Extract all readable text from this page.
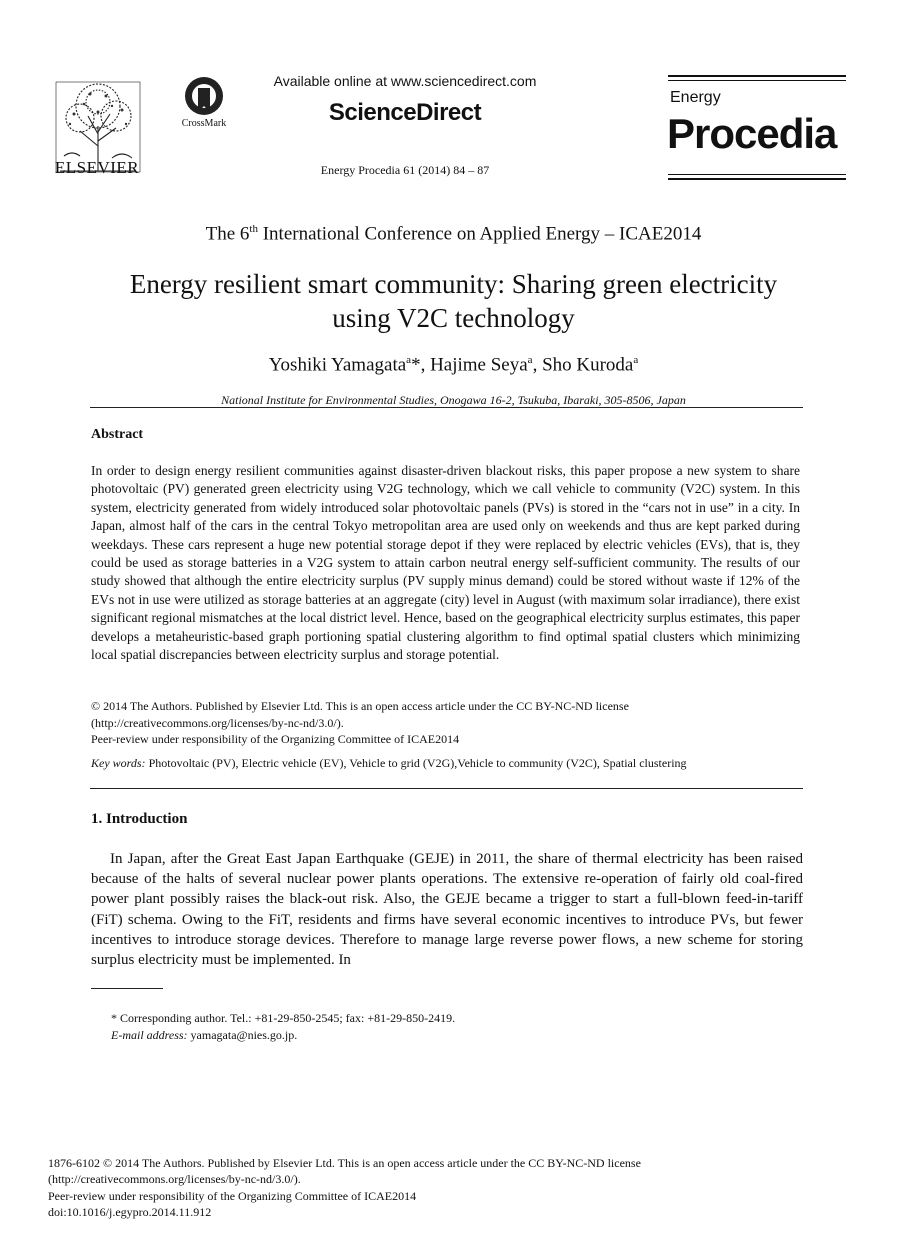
ELSEVIER
CrossMark
Available online at www.sciencedirect.com
ScienceDirect
Energy Procedia 61 (2014) 84 – 87
Energy
Procedia
The 6th International Conference on Applied Energy – ICAE2014
Energy resilient smart community: Sharing green electricity
using V2C technology
Yoshiki Yamagata$^a$*, Hajime Seya$^a$, Sho Kuroda$^a$
National Institute for Environmental Studies, Onogawa 16-2, Tsukuba, Ibaraki, 305-8506, Japan
Abstract
In order to design energy resilient communities against disaster-driven blackout risks, this paper propose a new system to share photovoltaic (PV) generated green electricity using V2G technology, which we call vehicle to community (V2C) system. In this system, electricity generated from widely introduced solar photovoltaic panels (PVs) is stored in the “cars not in use” in a city. In Japan, almost half of the cars in the central Tokyo metropolitan area are used only on weekends and thus are kept parked during weekdays. These cars represent a huge new potential storage depot if they were replaced by electric vehicles (EVs), that is, they could be used as storage batteries in a V2G system to attain carbon neutral energy self-sufficient community. The results of our study showed that although the entire electricity surplus (PV supply minus demand) could be stored without waste if 12% of the EVs not in use were utilized as storage batteries at an aggregate (city) level in August (with maximum solar irradiance), there exist significant regional mismatches at the local district level. Hence, based on the geographical electricity surplus estimates, this paper develops a metaheuristic-based graph portioning spatial clustering algorithm to find optimal spatial clusters which minimizing local spatial discrepancies between electricity surplus and storage potential.
© 2014 The Authors. Published by Elsevier Ltd. This is an open access article under the CC BY-NC-ND license
(http://creativecommons.org/licenses/by-nc-nd/3.0/).
Peer-review under responsibility of the Organizing Committee of ICAE2014
Key words: Photovoltaic (PV), Electric vehicle (EV), Vehicle to grid (V2G),Vehicle to community (V2C), Spatial clustering
1. Introduction
In Japan, after the Great East Japan Earthquake (GEJE) in 2011, the share of thermal electricity has been raised because of the halts of several nuclear power plants operations. The extensive re-operation of fairly old coal-fired power plant possibly raises the black-out risk. Also, the GEJE became a trigger to start a full-blown feed-in-tariff (FiT) schema. Owing to the FiT, residents and firms have several economic incentives to introduce PVs, but fewer incentives to introduce storage devices. Therefore to manage large reverse power flows, a new scheme for storing surplus electricity must be implemented. In
* Corresponding author. Tel.: +81-29-850-2545; fax: +81-29-850-2419.
E-mail address: yamagata@nies.go.jp.
1876-6102 © 2014 The Authors. Published by Elsevier Ltd. This is an open access article under the CC BY-NC-ND license
(http://creativecommons.org/licenses/by-nc-nd/3.0/).
Peer-review under responsibility of the Organizing Committee of ICAE2014
doi:10.1016/j.egypro.2014.11.912
